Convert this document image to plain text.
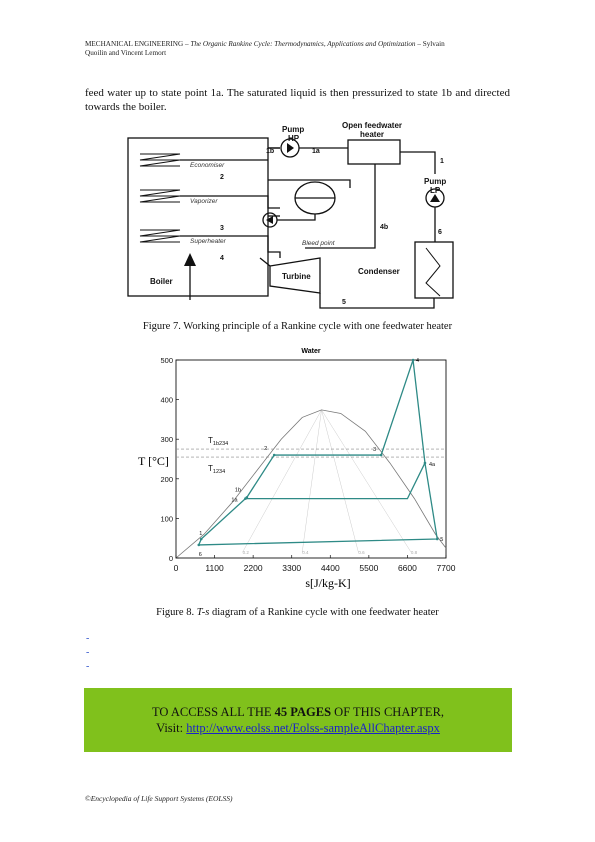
MECHANICAL ENGINEERING – The Organic Rankine Cycle: Thermodynamics, Applications and Optimization – Sylvain
Quoilin and Vincent Lemort
feed water up to state point 1a. The saturated liquid is then pressurized to state 1b and directed towards the boiler.
Pump
HP
Open feedwater
heater
Pump
LP
Boiler
Turbine
Condenser
1b	1a
1
2
3
4
4b
5
6
Economiser
Vaporizer
Superheater	Bleed point
Figure 7. Working principle of a Rankine cycle with one feedwater heater
0.2	0.4	0.6	0.8
$T_{1b234}$
$T_{1234}$
0	1100 2200 3300 4400 5500 6600 7700
0
100
200
300
400
500
6
1
1a
1b
2	3
4
4a
5
Water
T [°C]
s[J/kg-K]
Figure 8. T-s diagram of a Rankine cycle with one feedwater heater
-
-
-
TO ACCESS ALL THE 45 PAGES OF THIS CHAPTER,
Visit: http://www.eolss.net/Eolss-sampleAllChapter.aspx
©Encyclopedia of Life Support Systems (EOLSS)
